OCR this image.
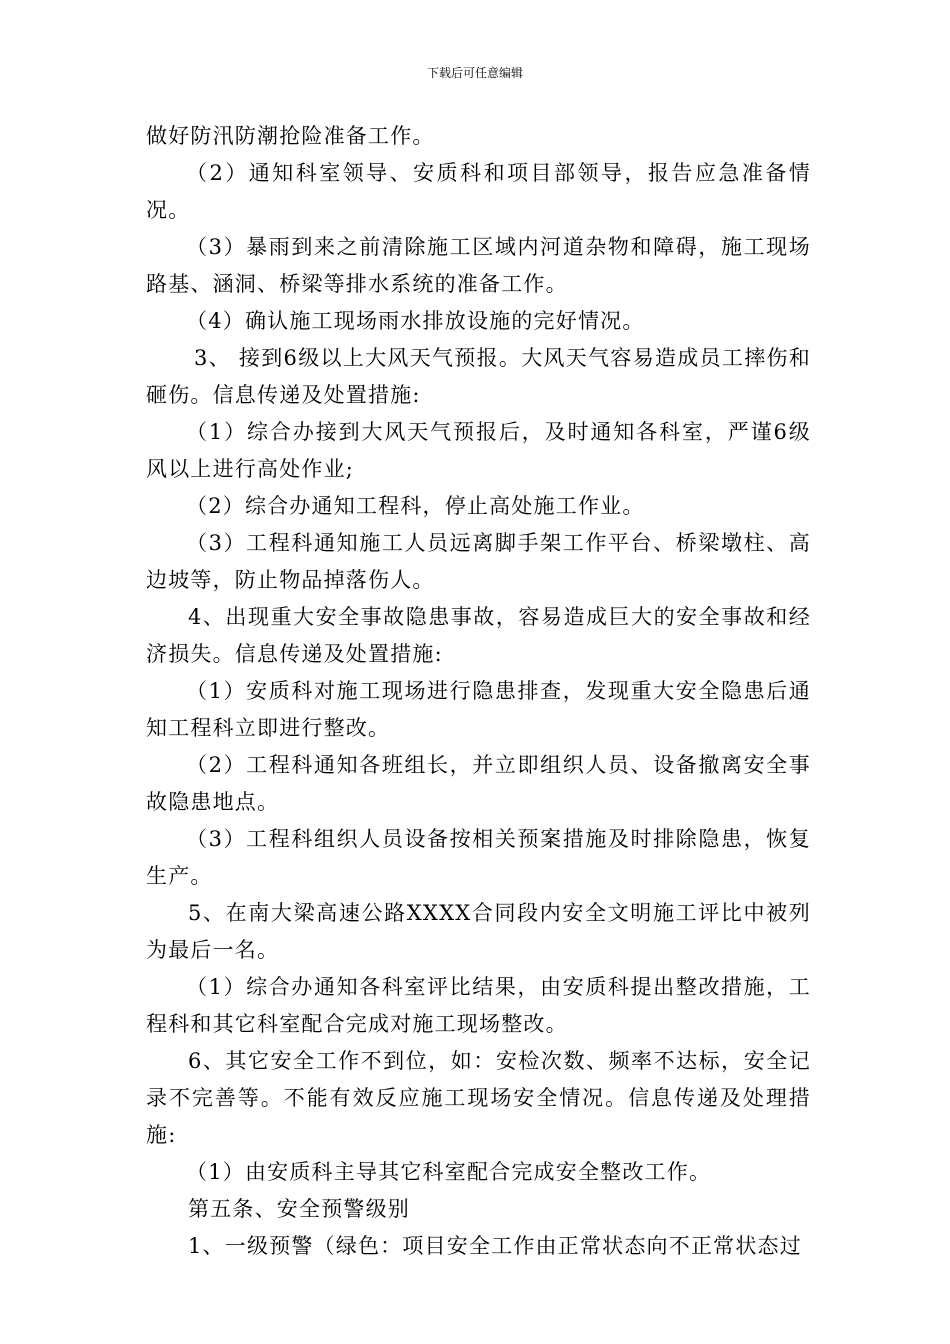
下载后可任意编辑

做好防汛防潮抢险准备工作。

（2）通知科室领导、安质科和项目部领导，报告应急准备情况。

（3）暴雨到来之前清除施工区域内河道杂物和障碍，施工现场路基、涵洞、桥梁等排水系统的准备工作。

（4）确认施工现场雨水排放设施的完好情况。

3、 接到6级以上大风天气预报。大风天气容易造成员工摔伤和砸伤。信息传递及处置措施:

（1）综合办接到大风天气预报后，及时通知各科室，严谨6级风以上进行高处作业;

（2）综合办通知工程科，停止高处施工作业。

（3）工程科通知施工人员远离脚手架工作平台、桥梁墩柱、高边坡等，防止物品掉落伤人。

4、出现重大安全事故隐患事故，容易造成巨大的安全事故和经济损失。信息传递及处置措施:

（1）安质科对施工现场进行隐患排查，发现重大安全隐患后通知工程科立即进行整改。

（2）工程科通知各班组长，并立即组织人员、设备撤离安全事故隐患地点。

（3）工程科组织人员设备按相关预案措施及时排除隐患，恢复生产。

5、在南大梁高速公路XXXX合同段内安全文明施工评比中被列为最后一名。

（1）综合办通知各科室评比结果，由安质科提出整改措施，工程科和其它科室配合完成对施工现场整改。

6、其它安全工作不到位，如：安检次数、频率不达标，安全记录不完善等。不能有效反应施工现场安全情况。信息传递及处理措施:

（1）由安质科主导其它科室配合完成安全整改工作。

第五条、安全预警级别

1、一级预警（绿色：项目安全工作由正常状态向不正常状态过
